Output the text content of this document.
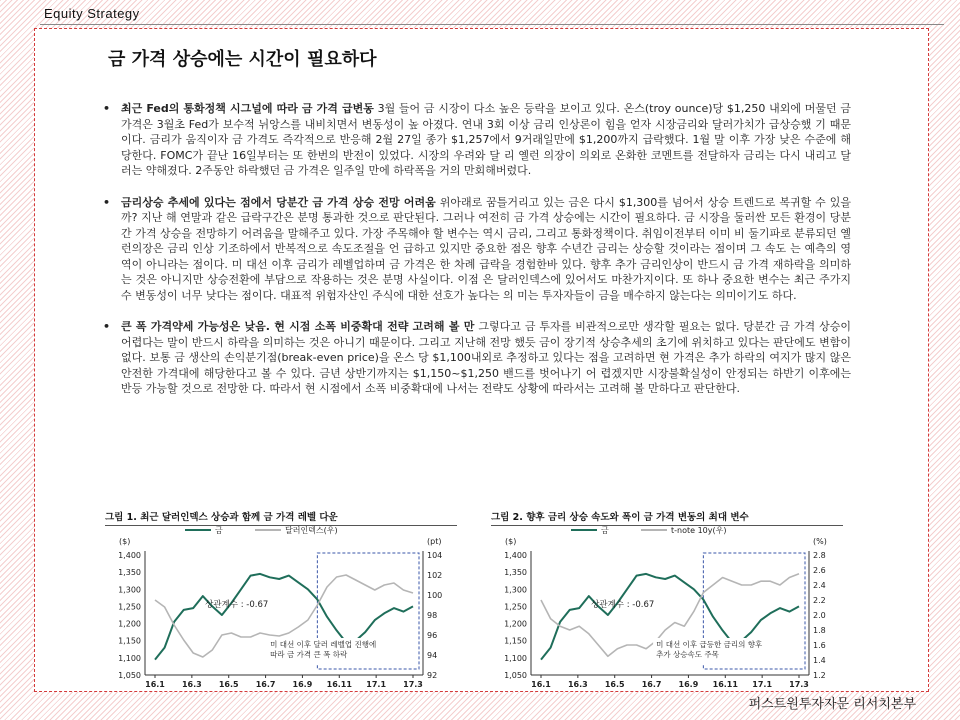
Equity Strategy
금 가격 상승에는 시간이 필요하다
• 최근 Fed의 통화정책 시그널에 따라 금 가격 급변동 3월 들어 금 시장이 다소 높은 등락을 보이고 있다. 온스(troy ounce)당 $1,250 내외에 머물던 금 가격은 3월초 Fed가 보수적 뉘앙스를 내비치면서 변동성이 높 아졌다. 연내 3회 이상 금리 인상론이 힘을 얻자 시장금리와 달러가치가 급상승했 기 때문이다. 금리가 움직이자 금 가격도 즉각적으로 반응해 2월 27일 종가 $1,257에서 9거래일만에 $1,200까지 급락했다. 1월 말 이후 가장 낮은 수준에 해당한다. FOMC가 끝난 16일부터는 또 한번의 반전이 있었다. 시장의 우려와 달 리 옐런 의장이 의외로 온화한 코멘트를 전달하자 금리는 다시 내리고 달러는 약해졌다. 2주동안 하락했던 금 가격은 일주일 만에 하락폭을 거의 만회해버렸다.
• 금리상승 추세에 있다는 점에서 당분간 금 가격 상승 전망 어려움 위아래로 꿈틀거리고 있는 금은 다시 $1,300를 넘어서 상승 트렌드로 복귀할 수 있을까? 지난 해 연말과 같은 급락구간은 분명 통과한 것으로 판단된다. 그러나 여전히 금 가격 상승에는 시간이 필요하다. 금 시장을 둘러싼 모든 환경이 당분간 가격 상승을 전망하기 어려움을 말해주고 있다. 가장 주목해야 할 변수는 역시 금리, 그리고 통화정책이다. 취임이전부터 이미 비 둘기파로 분류되던 옐런의장은 금리 인상 기조하에서 반복적으로 속도조절을 언 급하고 있지만 중요한 점은 향후 수년간 금리는 상승할 것이라는 점이며 그 속도 는 예측의 영역이 아니라는 점이다. 미 대선 이후 금리가 레벨업하며 금 가격은 한 차례 급락을 경험한바 있다. 향후 추가 금리인상이 반드시 금 가격 재하락을 의미하는 것은 아니지만 상승전환에 부담으로 작용하는 것은 분명 사실이다. 이점 은 달러인덱스에 있어서도 마찬가지이다. 또 하나 중요한 변수는 최근 주가지수 변동성이 너무 낮다는 점이다. 대표적 위험자산인 주식에 대한 선호가 높다는 의 미는 투자자들이 금을 매수하지 않는다는 의미이기도 하다.
• 큰 폭 가격약세 가능성은 낮음. 현 시점 소폭 비중확대 전략 고려해 볼 만 그렇다고 금 투자를 비관적으로만 생각할 필요는 없다. 당분간 금 가격 상승이 어렵다는 말이 반드시 하락을 의미하는 것은 아니기 때문이다. 그리고 지난해 전망 했듯 금이 장기적 상승추세의 초기에 위치하고 있다는 판단에도 변함이 없다. 보통 금 생산의 손익분기점(break-even price)을 온스 당 $1,100내외로 추정하고 있다는 점을 고려하면 현 가격은 추가 하락의 여지가 많지 않은 안전한 가격대에 해당한다고 볼 수 있다. 금년 상반기까지는 $1,150~$1,250 밴드를 벗어나기 어 렵겠지만 시장불확실성이 안정되는 하반기 이후에는 반등 가능할 것으로 전망한 다. 따라서 현 시점에서 소폭 비중확대에 나서는 전략도 상황에 따라서는 고려해 볼 만하다고 판단한다.
그림 1. 최근 달러인덱스 상승과 함께 금 가격 레벨 다운
금	달러인덱스(우)
($)	(pt)
1,400
1,350
1,300
1,250
1,200
1,150
1,100
1,050
104
102
100
98
96
94
92
16.1 16.3 16.5 16.7 16.9 16.11 17.1 17.3
상관계수 : -0.67
미 대선 이후 달러 레벨업 진행에
따라 금 가격 큰 폭 하락
그림 2. 향후 금리 상승 속도와 폭이 금 가격 변동의 최대 변수
금	t-note 10y(우)
($)	(%)
1,400
1,350
1,300
1,250
1,200
1,150
1,100
1,050
2.8
2.6
2.4
2.2
2.0
1.8
1.6
1.4
1.2
16.1 16.3 16.5 16.7 16.9 16.11 17.1 17.3
상관계수 : -0.67
미 대선 이후 급등한 금리의 향후
추가 상승속도 주목
퍼스트원투자자문 리서치본부
